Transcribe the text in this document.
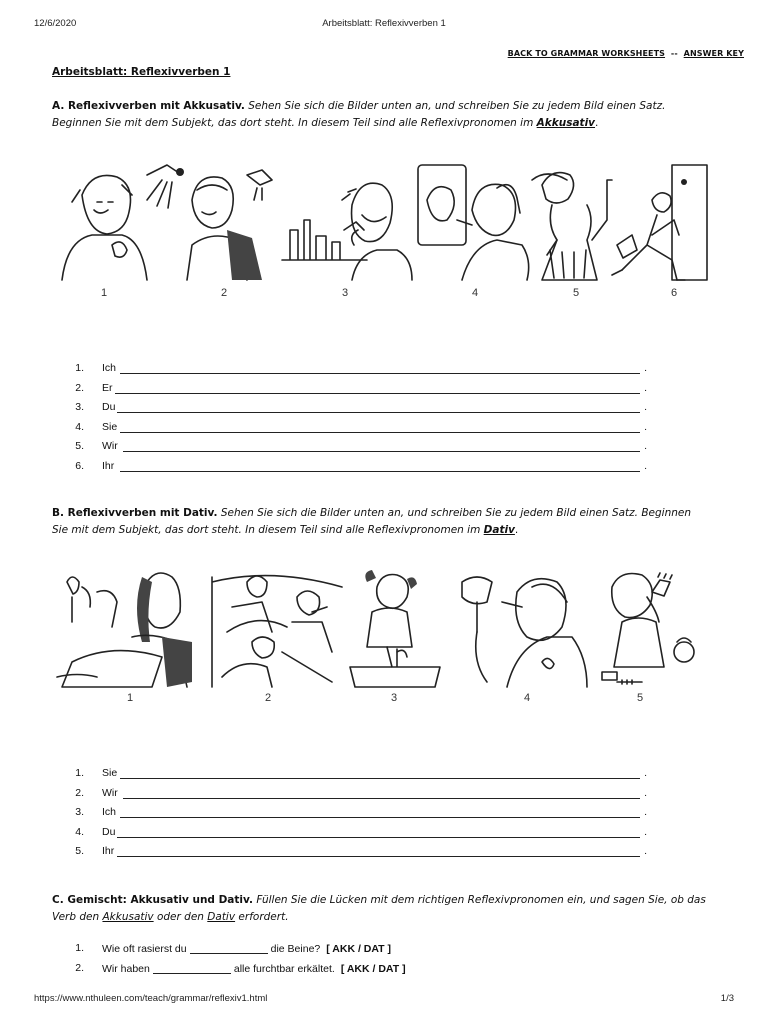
12/6/2020	Arbeitsblatt: Reflexivverben 1
BACK TO GRAMMAR WORKSHEETS -- ANSWER KEY
Arbeitsblatt: Reflexivverben 1
A. Reflexivverben mit Akkusativ. Sehen Sie sich die Bilder unten an, und schreiben Sie zu jedem Bild einen Satz. Beginnen Sie mit dem Subjekt, das dort steht. In diesem Teil sind alle Reflexivpronomen im Akkusativ.
1	2	3	4	5	6
1. Ich	.
2. Er	.
3. Du	.
4. Sie	.
5. Wir	.
6. Ihr	.
B. Reflexivverben mit Dativ. Sehen Sie sich die Bilder unten an, und schreiben Sie zu jedem Bild einen Satz. Beginnen Sie mit dem Subjekt, das dort steht. In diesem Teil sind alle Reflexivpronomen im Dativ.
1	2	3	4	5
1. Sie	.
2. Wir	.
3. Ich	.
4. Du	.
5. Ihr	.
C. Gemischt: Akkusativ und Dativ. Füllen Sie die Lücken mit dem richtigen Reflexivpronomen ein, und sagen Sie, ob das Verb den Akkusativ oder den Dativ erfordert.
1. Wie oft rasierst du	die Beine? [ AKK / DAT ]
2. Wir haben	alle furchtbar erkältet. [ AKK / DAT ]
https://www.nthuleen.com/teach/grammar/reflexiv1.html	1/3
